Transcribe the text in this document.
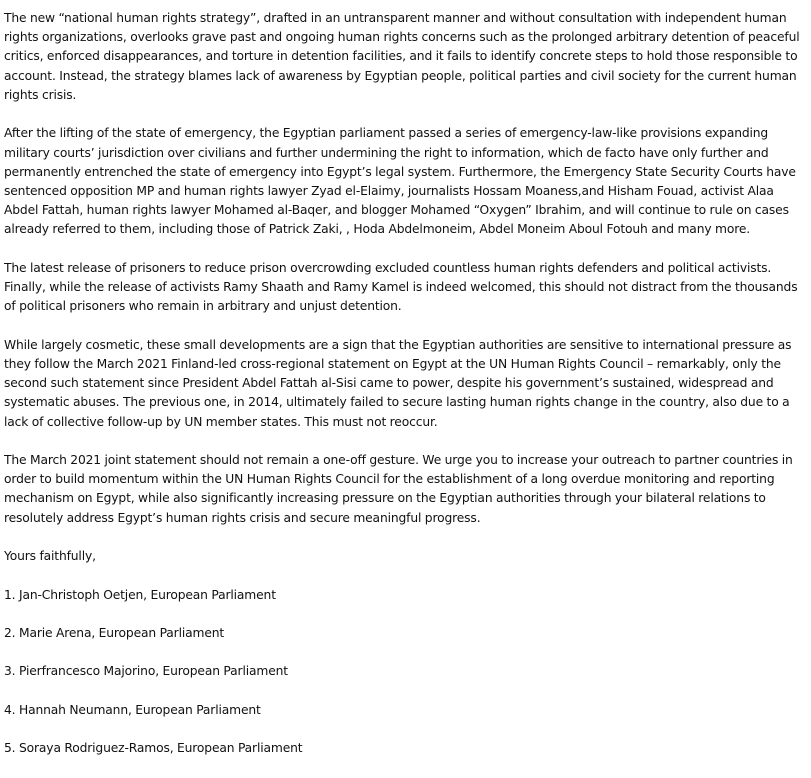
The new “national human rights strategy”, drafted in an untransparent manner and without consultation with independent human rights organizations, overlooks grave past and ongoing human rights concerns such as the prolonged arbitrary detention of peaceful critics, enforced disappearances, and torture in detention facilities, and it fails to identify concrete steps to hold those responsible to account. Instead, the strategy blames lack of awareness by Egyptian people, political parties and civil society for the current human rights crisis.

After the lifting of the state of emergency, the Egyptian parliament passed a series of emergency-law-like provisions expanding military courts’ jurisdiction over civilians and further undermining the right to information, which de facto have only further and permanently entrenched the state of emergency into Egypt’s legal system. Furthermore, the Emergency State Security Courts have sentenced opposition MP and human rights lawyer Zyad el-Elaimy, journalists Hossam Moaness,and Hisham Fouad, activist Alaa Abdel Fattah, human rights lawyer Mohamed al-Baqer, and blogger Mohamed “Oxygen” Ibrahim, and will continue to rule on cases already referred to them, including those of Patrick Zaki, , Hoda Abdelmoneim, Abdel Moneim Aboul Fotouh and many more.

The latest release of prisoners to reduce prison overcrowding excluded countless human rights defenders and political activists. Finally, while the release of activists Ramy Shaath and Ramy Kamel is indeed welcomed, this should not distract from the thousands of political prisoners who remain in arbitrary and unjust detention.

While largely cosmetic, these small developments are a sign that the Egyptian authorities are sensitive to international pressure as they follow the March 2021 Finland-led cross-regional statement on Egypt at the UN Human Rights Council – remarkably, only the second such statement since President Abdel Fattah al-Sisi came to power, despite his government’s sustained, widespread and systematic abuses. The previous one, in 2014, ultimately failed to secure lasting human rights change in the country, also due to a lack of collective follow-up by UN member states. This must not reoccur.

The March 2021 joint statement should not remain a one-off gesture. We urge you to increase your outreach to partner countries in order to build momentum within the UN Human Rights Council for the establishment of a long overdue monitoring and reporting mechanism on Egypt, while also significantly increasing pressure on the Egyptian authorities through your bilateral relations to resolutely address Egypt’s human rights crisis and secure meaningful progress.

Yours faithfully,

1. Jan-Christoph Oetjen, European Parliament

2. Marie Arena, European Parliament

3. Pierfrancesco Majorino, European Parliament

4. Hannah Neumann, European Parliament

5. Soraya Rodriguez-Ramos, European Parliament
